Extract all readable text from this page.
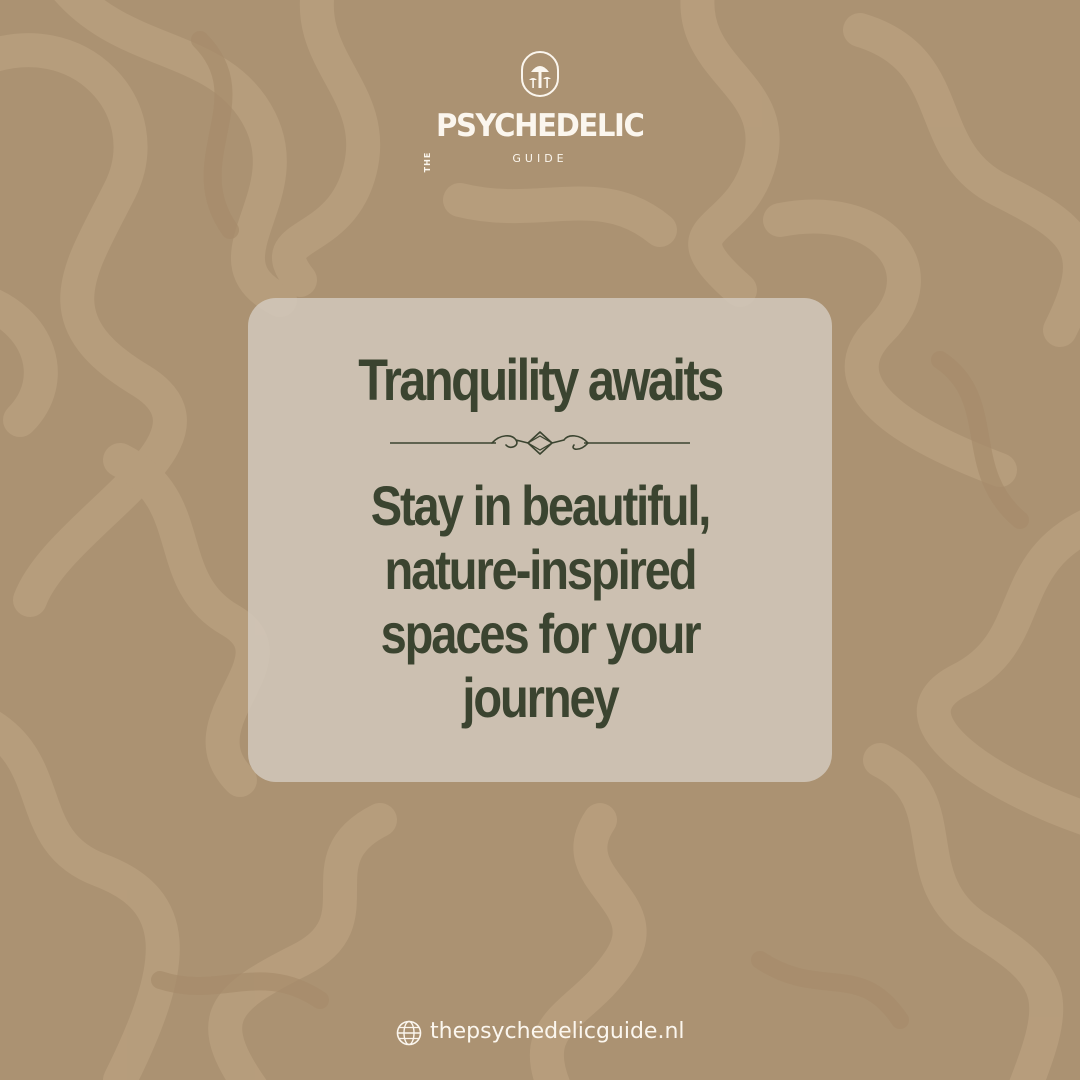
THE
PSYCHEDELIC
GUIDE
Tranquility awaits
Stay in beautiful, nature-inspired spaces for your journey
thepsychedelicguide.nl
